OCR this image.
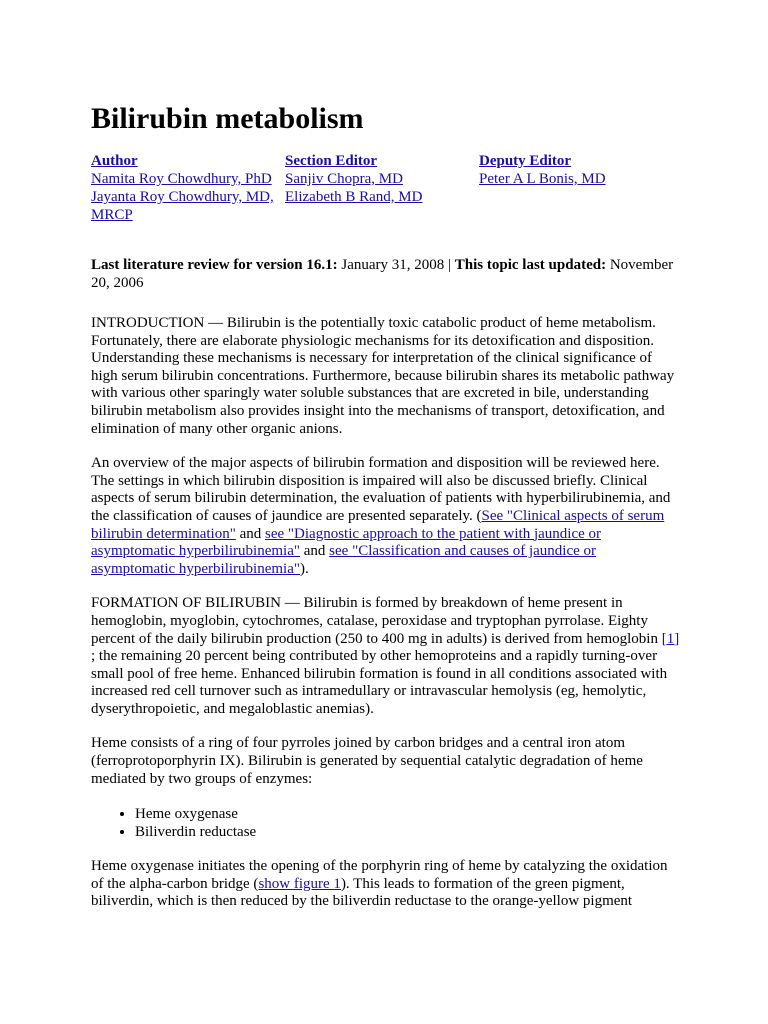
Bilirubin metabolism
Author
Namita Roy Chowdhury, PhD
Jayanta Roy Chowdhury, MD, MRCP
Section Editor
Sanjiv Chopra, MD
Elizabeth B Rand, MD
Deputy Editor
Peter A L Bonis, MD
Last literature review for version 16.1: January 31, 2008 | This topic last updated: November 20, 2006

INTRODUCTION — Bilirubin is the potentially toxic catabolic product of heme metabolism. Fortunately, there are elaborate physiologic mechanisms for its detoxification and disposition. Understanding these mechanisms is necessary for interpretation of the clinical significance of high serum bilirubin concentrations. Furthermore, because bilirubin shares its metabolic pathway with various other sparingly water soluble substances that are excreted in bile, understanding bilirubin metabolism also provides insight into the mechanisms of transport, detoxification, and elimination of many other organic anions.

An overview of the major aspects of bilirubin formation and disposition will be reviewed here. The settings in which bilirubin disposition is impaired will also be discussed briefly. Clinical aspects of serum bilirubin determination, the evaluation of patients with hyperbilirubinemia, and the classification of causes of jaundice are presented separately. (See "Clinical aspects of serum bilirubin determination" and see "Diagnostic approach to the patient with jaundice or asymptomatic hyperbilirubinemia" and see "Classification and causes of jaundice or asymptomatic hyperbilirubinemia").

FORMATION OF BILIRUBIN — Bilirubin is formed by breakdown of heme present in hemoglobin, myoglobin, cytochromes, catalase, peroxidase and tryptophan pyrrolase. Eighty percent of the daily bilirubin production (250 to 400 mg in adults) is derived from hemoglobin [1] ; the remaining 20 percent being contributed by other hemoproteins and a rapidly turning-over small pool of free heme. Enhanced bilirubin formation is found in all conditions associated with increased red cell turnover such as intramedullary or intravascular hemolysis (eg, hemolytic, dyserythropoietic, and megaloblastic anemias).

Heme consists of a ring of four pyrroles joined by carbon bridges and a central iron atom (ferroprotoporphyrin IX). Bilirubin is generated by sequential catalytic degradation of heme mediated by two groups of enzymes:

• Heme oxygenase
• Biliverdin reductase

Heme oxygenase initiates the opening of the porphyrin ring of heme by catalyzing the oxidation of the alpha-carbon bridge (show figure 1). This leads to formation of the green pigment, biliverdin, which is then reduced by the biliverdin reductase to the orange-yellow pigment
